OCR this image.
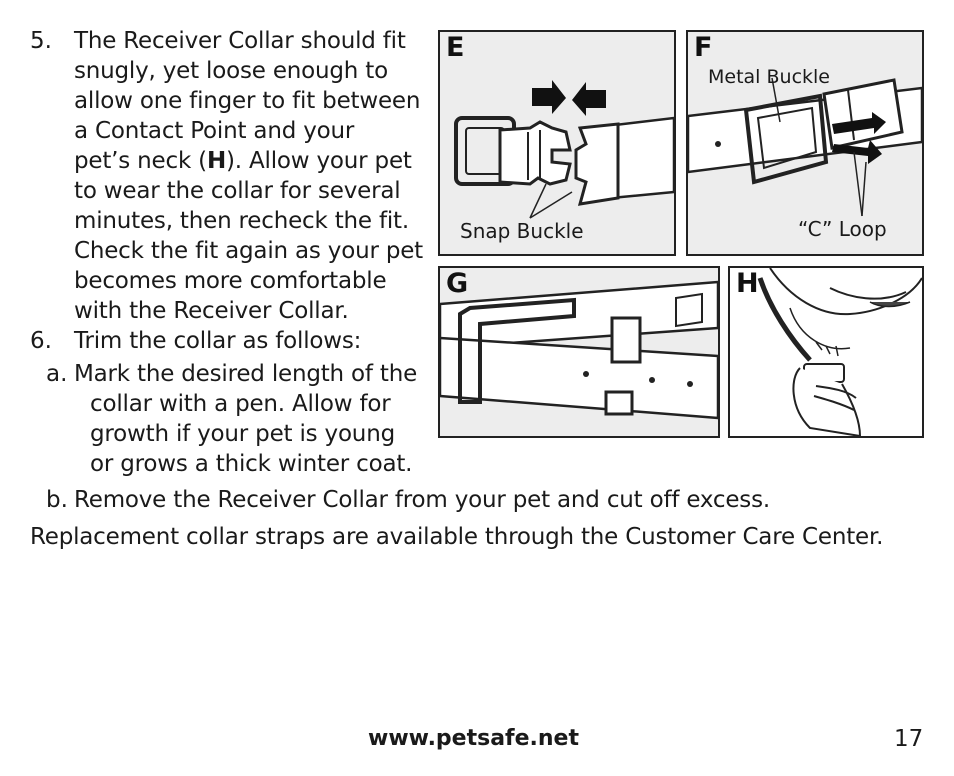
5. The Receiver Collar should fit
snugly, yet loose enough to
allow one finger to fit between
a Contact Point and your
pet’s neck (H). Allow your pet
to wear the collar for several
minutes, then recheck the fit.
Check the fit again as your pet
becomes more comfortable
with the Receiver Collar.
6. Trim the collar as follows:
a. Mark the desired length of the
collar with a pen. Allow for
growth if your pet is young
or grows a thick winter coat.
b. Remove the Receiver Collar from your pet and cut off excess.
Replacement collar straps are available through the Customer Care Center.
E
Snap Buckle
F
Metal Buckle
“C” Loop
G	H
www.petsafe.net	17
